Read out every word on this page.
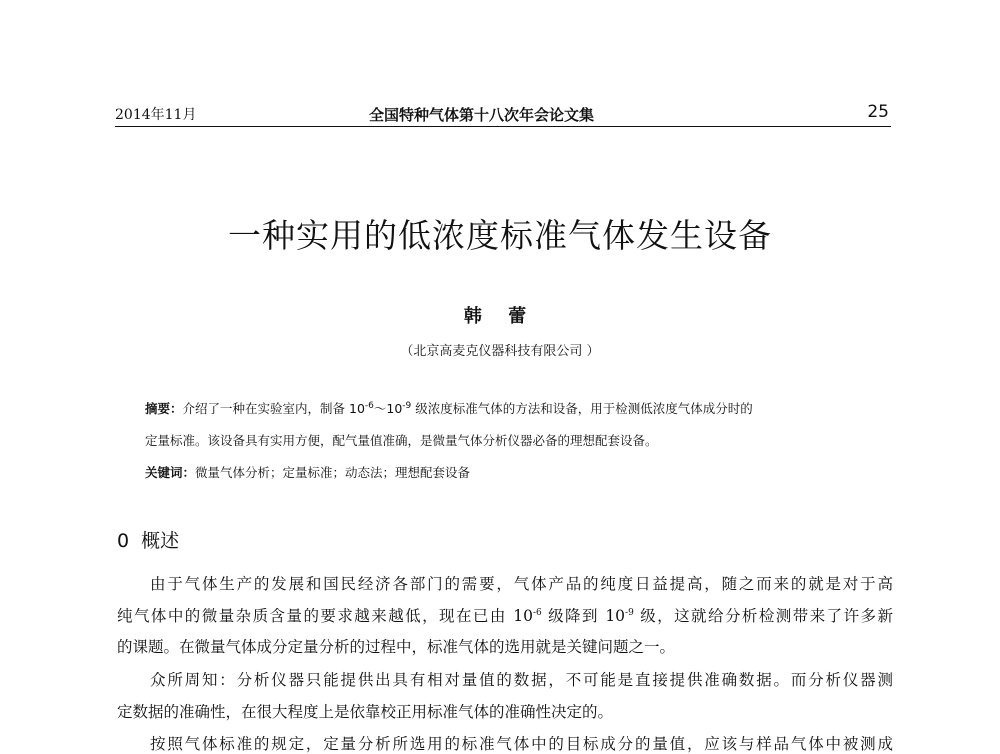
2014年11月	全国特种气体第十八次年会论文集	25
一种实用的低浓度标准气体发生设备
韩 蕾
（北京高麦克仪器科技有限公司 ）
摘要：介绍了一种在实验室内，制备 $10^{-6}\sim 10^{-9}$ 级浓度标准气体的方法和设备，用于检测低浓度气体成分时的
定量标准。该设备具有实用方便，配气量值准确，是微量气体分析仪器必备的理想配套设备。
关键词：微量气体分析；定量标准；动态法；理想配套设备
0 概述
由于气体生产的发展和国民经济各部门的需要，气体产品的纯度日益提高，随之而来的就是对于高
纯气体中的微量杂质含量的要求越来越低，现在已由 $10^{-6}$ 级降到 $10^{-9}$ 级，这就给分析检测带来了许多新
的课题。在微量气体成分定量分析的过程中，标准气体的选用就是关键问题之一。
众所周知：分析仪器只能提供出具有相对量值的数据，不可能是直接提供准确数据。而分析仪器测
定数据的准确性，在很大程度上是依靠校正用标准气体的准确性决定的。
按照气体标准的规定，定量分析所选用的标准气体中的目标成分的量值，应该与样品气体中被测成
